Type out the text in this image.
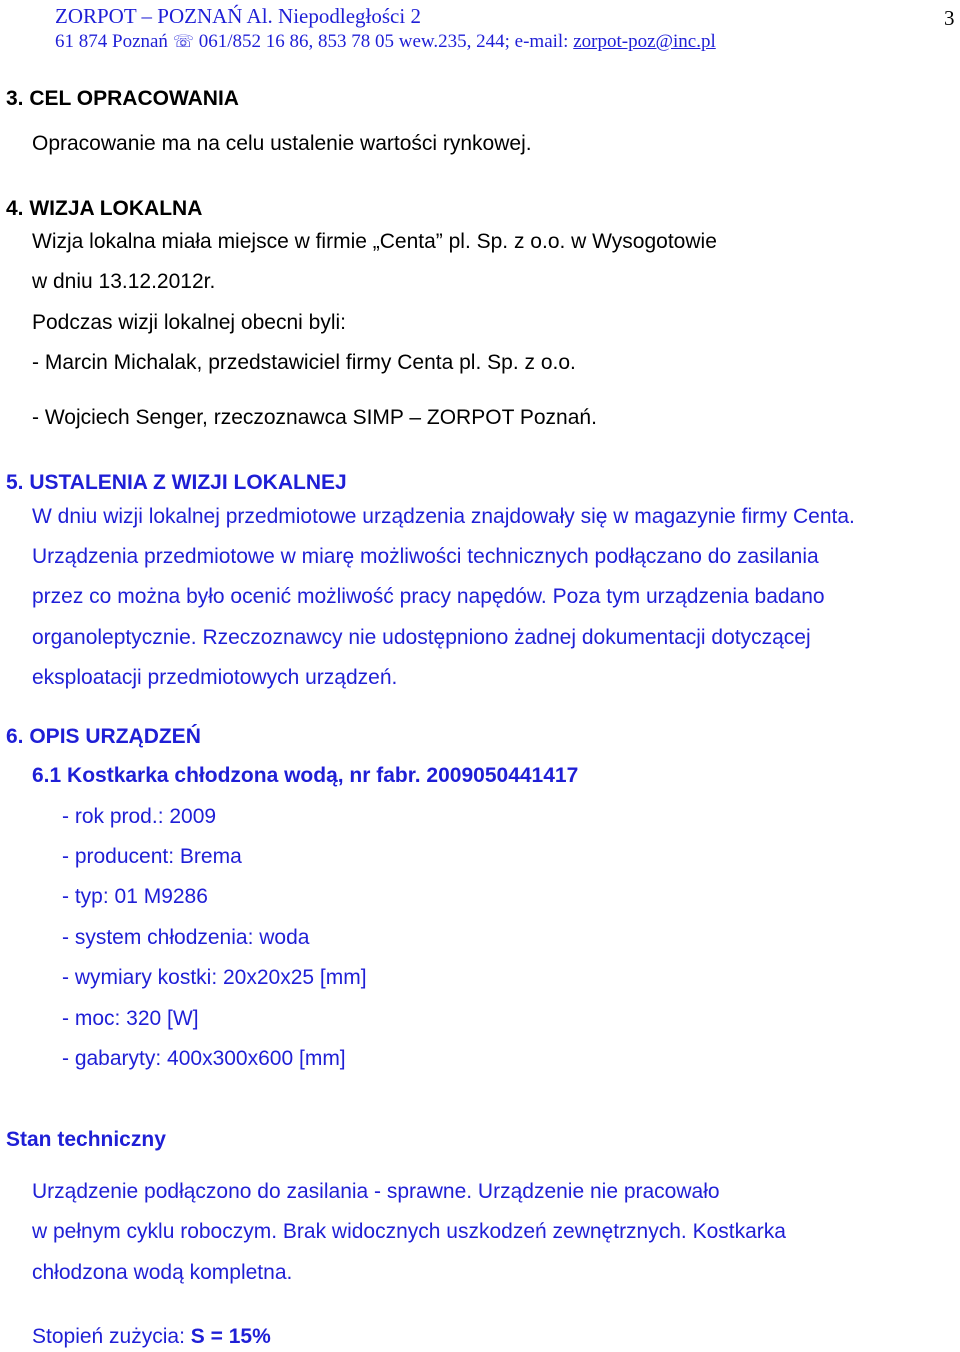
ZORPOT – POZNAŃ Al. Niepodległości 2
61 874 Poznań ☏ 061/852 16 86, 853 78 05 wew.235, 244; e-mail: zorpot-poz@inc.pl
3
3. CEL OPRACOWANIA
Opracowanie ma na celu ustalenie wartości rynkowej.
4. WIZJA LOKALNA
Wizja lokalna miała miejsce w firmie „Centa” pl. Sp. z o.o. w Wysogotowie
w dniu 13.12.2012r.
Podczas wizji lokalnej obecni byli:
- Marcin Michalak, przedstawiciel firmy Centa pl. Sp. z o.o.
- Wojciech Senger, rzeczoznawca SIMP – ZORPOT Poznań.
5. USTALENIA Z WIZJI LOKALNEJ
W dniu wizji lokalnej przedmiotowe urządzenia znajdowały się w magazynie firmy Centa.
Urządzenia przedmiotowe w miarę możliwości technicznych podłączano do zasilania
przez co można było ocenić możliwość pracy napędów. Poza tym urządzenia badano
organoleptycznie. Rzeczoznawcy nie udostępniono żadnej dokumentacji dotyczącej
eksploatacji przedmiotowych urządzeń.
6. OPIS URZĄDZEŃ
6.1 Kostkarka chłodzona wodą, nr fabr. 2009050441417
- rok prod.: 2009
- producent: Brema
- typ: 01 M9286
- system chłodzenia: woda
- wymiary kostki: 20x20x25 [mm]
- moc: 320 [W]
- gabaryty: 400x300x600 [mm]
Stan techniczny
Urządzenie podłączono do zasilania - sprawne. Urządzenie nie pracowało
w pełnym cyklu roboczym. Brak widocznych uszkodzeń zewnętrznych. Kostkarka
chłodzona wodą kompletna.
Stopień zużycia: S = 15%
